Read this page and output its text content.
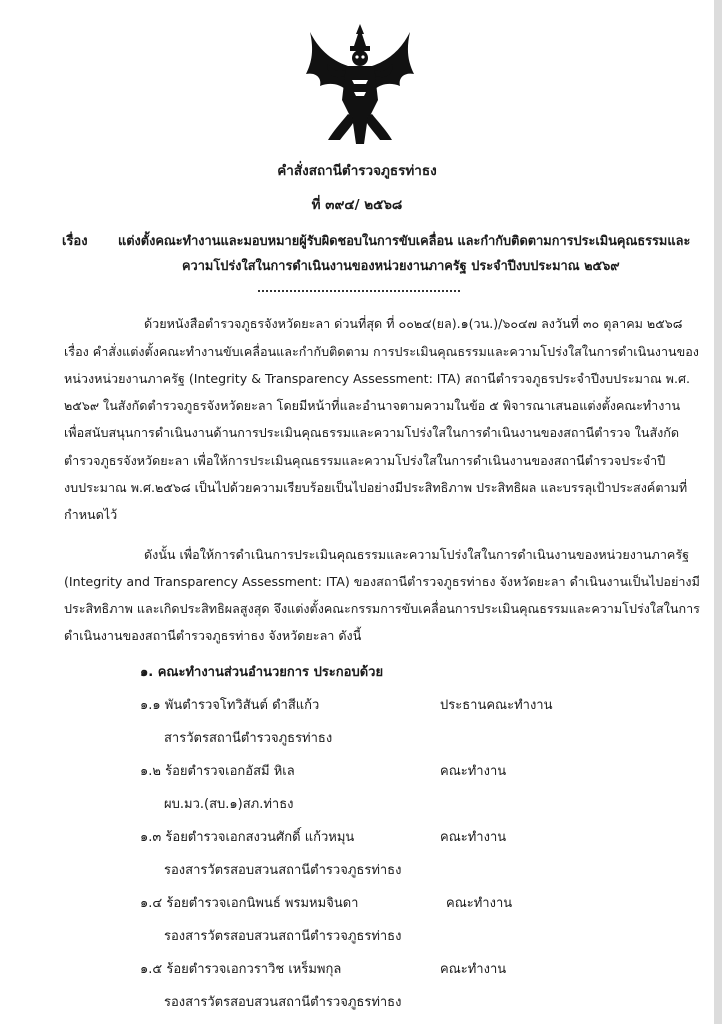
คำสั่งสถานีตำรวจภูธรท่าธง
ที่ ๓๙๔/ ๒๕๖๘
เรื่อง แต่งตั้งคณะทำงานและมอบหมายผู้รับผิดชอบในการขับเคลื่อน และกำกับติดตามการประเมินคุณธรรมและ
ความโปร่งใสในการดำเนินงานของหน่วยงานภาครัฐ ประจำปีงบประมาณ ๒๕๖๙
ด้วยหนังสือตำรวจภูธรจังหวัดยะลา ด่วนที่สุด ที่ ๐๐๒๔(ยล).๑(วน.)/๖๐๔๗ ลงวันที่ ๓๐ ตุลาคม ๒๕๖๘
เรื่อง คำสั่งแต่งตั้งคณะทำงานขับเคลื่อนและกำกับติดตาม การประเมินคุณธรรมและความโปร่งใสในการดำเนินงานของ
หน่วงหน่วยงานภาครัฐ (Integrity & Transparency Assessment: ITA) สถานีตำรวจภูธรประจำปีงบประมาณ พ.ศ.
๒๕๖๙ ในสังกัดตำรวจภูธรจังหวัดยะลา โดยมีหน้าที่และอำนาจตามความในข้อ ๕ พิจารณาเสนอแต่งตั้งคณะทำงาน
เพื่อสนับสนุนการดำเนินงานด้านการประเมินคุณธรรมและความโปร่งใสในการดำเนินงานของสถานีตำรวจ ในสังกัด
ตำรวจภูธรจังหวัดยะลา เพื่อให้การประเมินคุณธรรมและความโปร่งใสในการดำเนินงานของสถานีตำรวจประจำปี
งบประมาณ พ.ศ.๒๕๖๘ เป็นไปด้วยความเรียบร้อยเป็นไปอย่างมีประสิทธิภาพ ประสิทธิผล และบรรลุเป้าประสงค์ตามที่
กำหนดไว้
ดังนั้น เพื่อให้การดำเนินการประเมินคุณธรรมและความโปร่งใสในการดำเนินงานของหน่วยงานภาครัฐ
(Integrity and Transparency Assessment: ITA) ของสถานีตำรวจภูธรท่าธง จังหวัดยะลา ดำเนินงานเป็นไปอย่างมี
ประสิทธิภาพ และเกิดประสิทธิผลสูงสุด จึงแต่งตั้งคณะกรรมการขับเคลื่อนการประเมินคุณธรรมและความโปร่งใสในการ
ดำเนินงานของสถานีตำรวจภูธรท่าธง จังหวัดยะลา ดังนี้
๑. คณะทำงานส่วนอำนวยการ ประกอบด้วย
๑.๑ พันตำรวจโทวิสันต์ ดำสีแก้ว	ประธานคณะทำงาน
สารวัตรสถานีตำรวจภูธรท่าธง
๑.๒ ร้อยตำรวจเอกอัสมี หิเล	คณะทำงาน
ผบ.มว.(สบ.๑)สภ.ท่าธง
๑.๓ ร้อยตำรวจเอกสงวนศักดิ์ แก้วหมุน	คณะทำงาน
รองสารวัตรสอบสวนสถานีตำรวจภูธรท่าธง
๑.๔ ร้อยตำรวจเอกนิพนธ์ พรมหมจินดา	คณะทำงาน
รองสารวัตรสอบสวนสถานีตำรวจภูธรท่าธง
๑.๕ ร้อยตำรวจเอกวราวิช เหร็มพกุล	คณะทำงาน
รองสารวัตรสอบสวนสถานีตำรวจภูธรท่าธง
